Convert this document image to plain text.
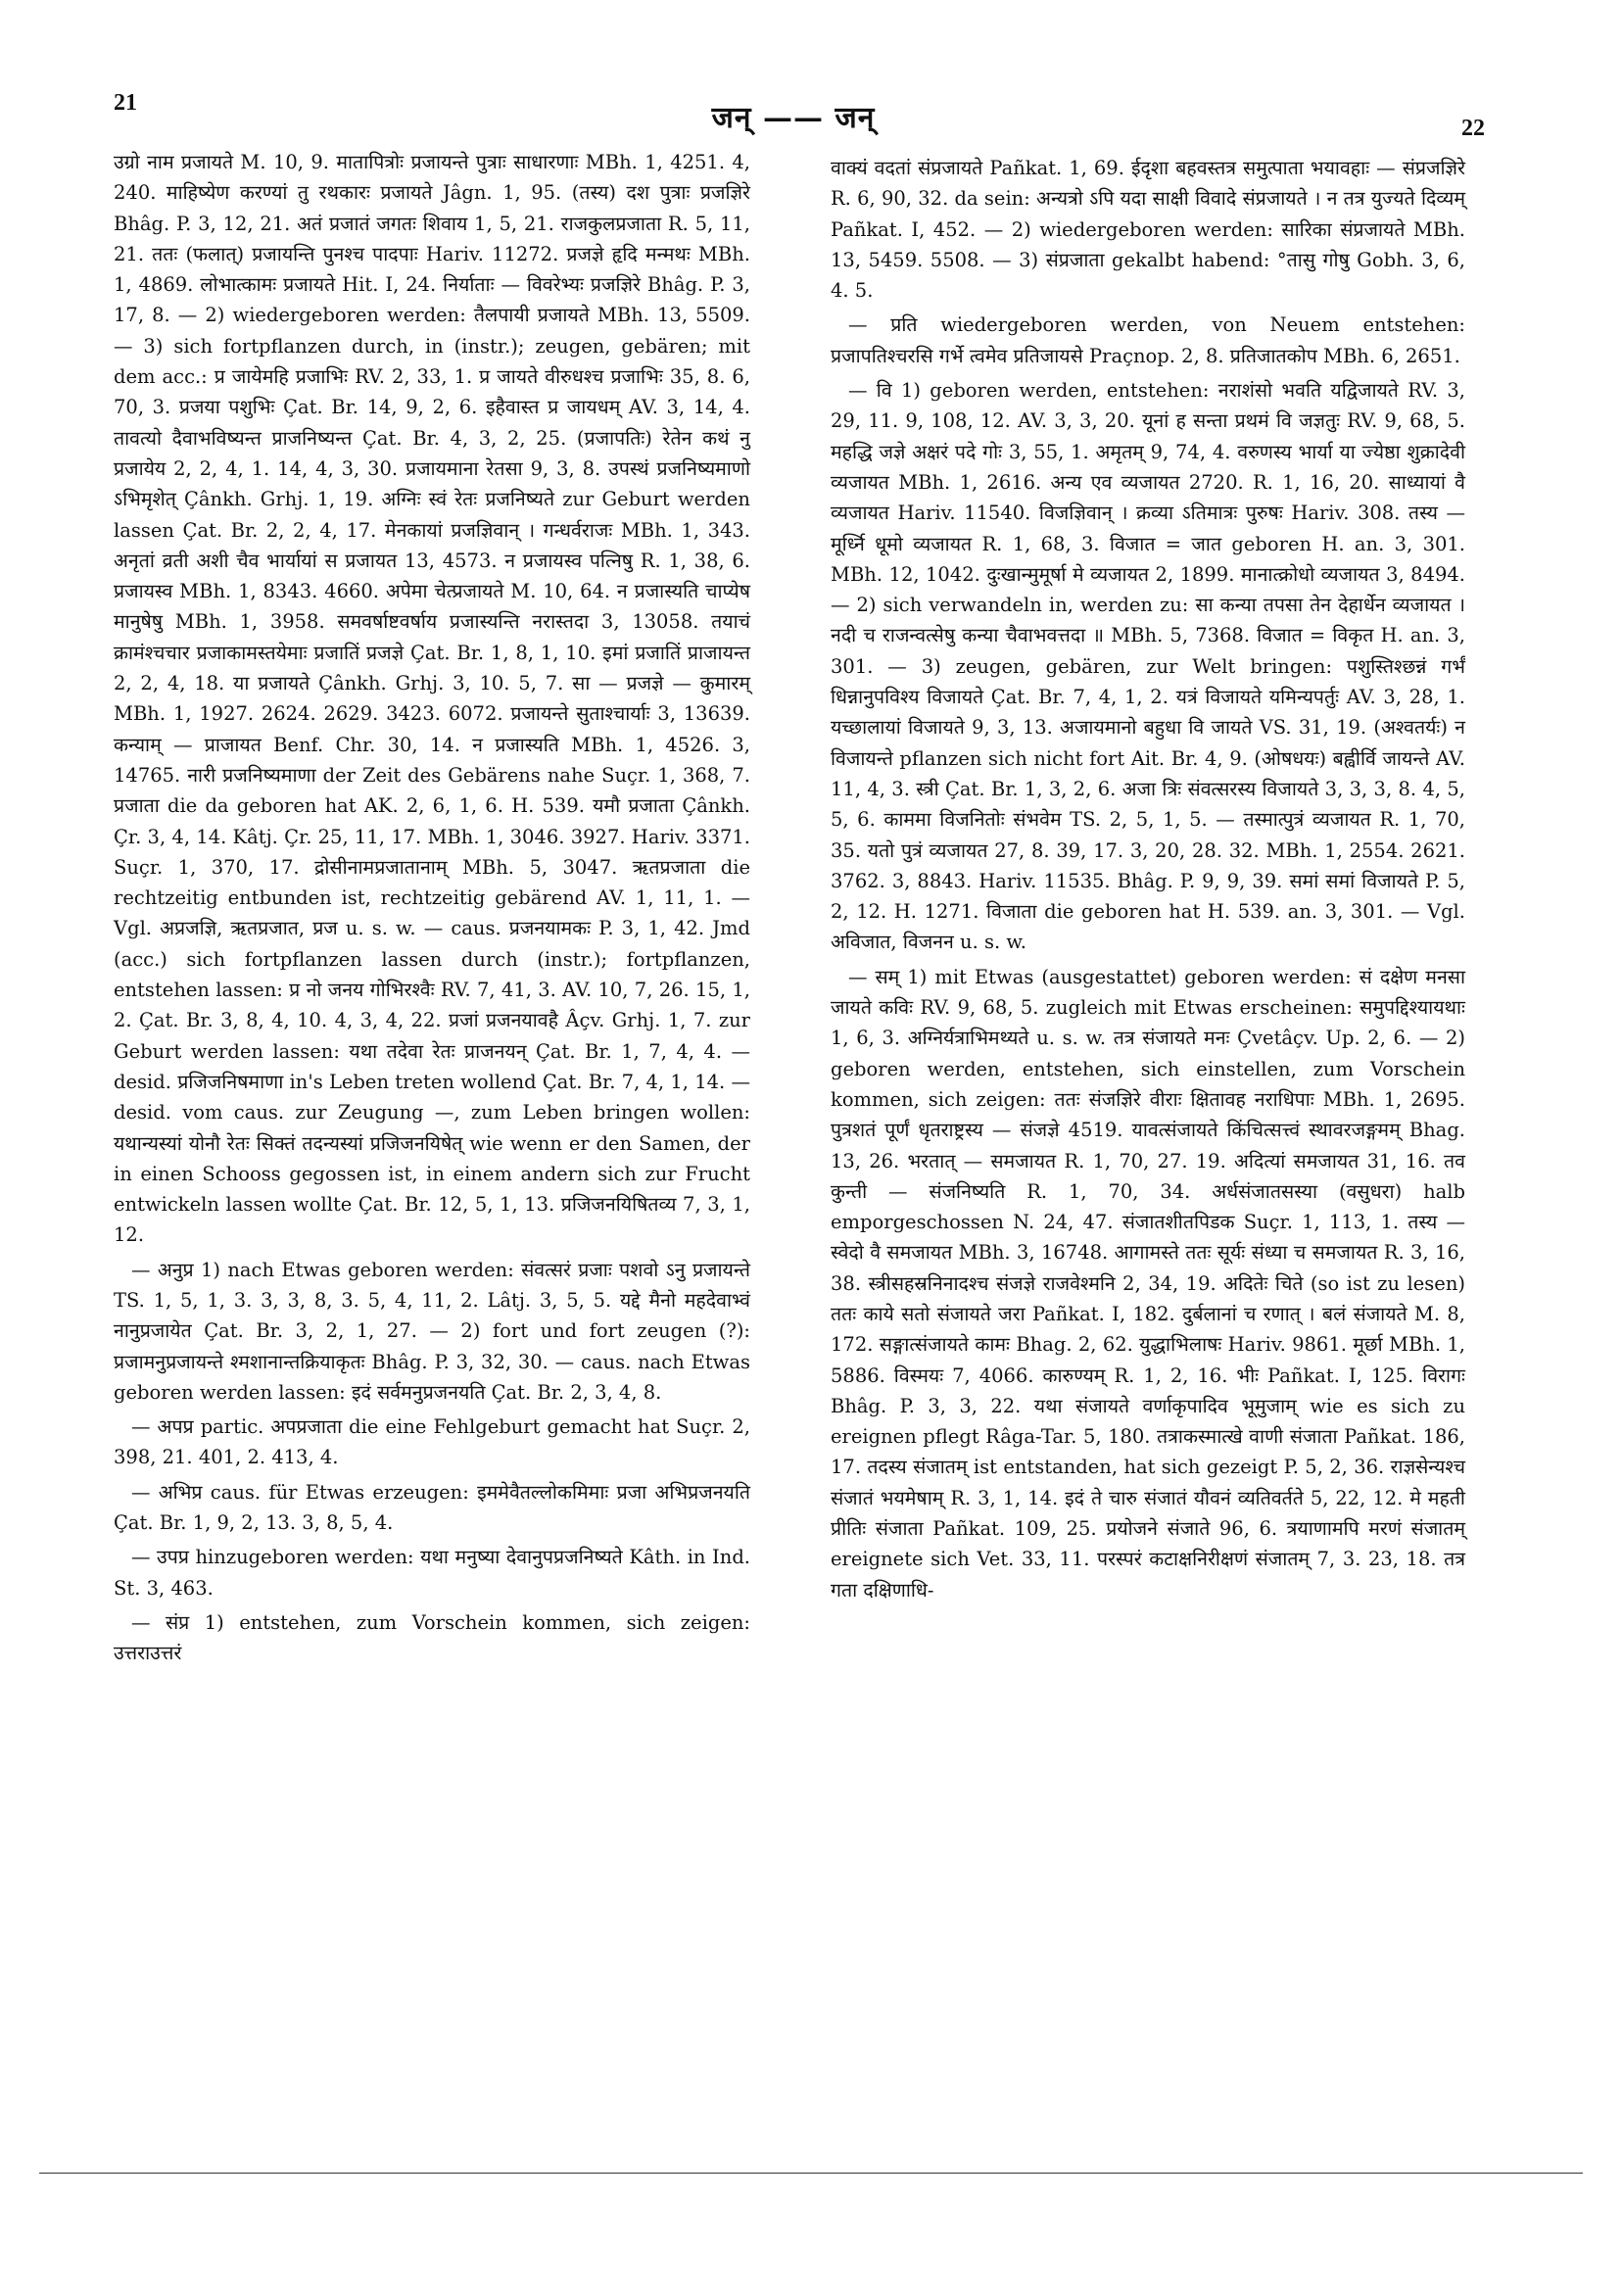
21	जन् —— जन्	22

उग्रो नाम प्रजायते M. 10, 9. मातापित्रोः प्रजायन्ते पुत्राः साधारणाः MBh. 1, 4251. 4, 240. माहिष्येण करण्यां तु रथकारः प्रजायते Jâgn. 1, 95. (तस्य) दश पुत्राः प्रजज्ञिरे Bhâg. P. 3, 12, 21. अतं प्रजातं जगतः शिवाय 1, 5, 21. राजकुलप्रजाता R. 5, 11, 21. ततः (फलात्) प्रजायन्ति पुनश्च पादपाः Hariv. 11272. प्रजज्ञे हृदि मन्मथः MBh. 1, 4869. लोभात्कामः प्रजायते Hit. I, 24. निर्याताः — विवरेभ्यः प्रजज्ञिरे Bhâg. P. 3, 17, 8. — 2) wiedergeboren werden: तैलपायी प्रजायते MBh. 13, 5509. — 3) sich fortpflanzen durch, in (instr.); zeugen, gebären; mit dem acc.: प्र जायेमहि प्रजाभिः RV. 2, 33, 1. प्र जायते वीरुधश्च प्रजाभिः 35, 8. 6, 70, 3. प्रजया पशुभिः Çat. Br. 14, 9, 2, 6. इहैवास्त प्र जायधम् AV. 3, 14, 4. तावत्यो दैवाभविष्यन्त प्राजनिष्यन्त Çat. Br. 4, 3, 2, 25. (प्रजापतिः) रेतेन कथं नु प्रजायेय 2, 2, 4, 1. 14, 4, 3, 30. प्रजायमाना रेतसा 9, 3, 8. उपस्थं प्रजनिष्यमाणो ऽभिमृशेत् Çânkh. Grhj. 1, 19. अग्निः स्वं रेतः प्रजनिष्यते zur Geburt werden lassen Çat. Br. 2, 2, 4, 17. मेनकायां प्रजज्ञिवान् । गन्धर्वराजः MBh. 1, 343. अनृतां व्रती अशी चैव भार्यायां स प्रजायत 13, 4573. न प्रजायस्व पत्निषु R. 1, 38, 6. प्रजायस्व MBh. 1, 8343. 4660. अपेमा चेत्प्रजायते M. 10, 64. न प्रजास्यति चाप्येष मानुषेषु MBh. 1, 3958. समवर्षाष्टवर्षाय प्रजास्यन्ति नरास्तदा 3, 13058. तयाचं क्रामंश्चचार प्रजाकामस्तयेमाः प्रजातिं प्रजज्ञे Çat. Br. 1, 8, 1, 10. इमां प्रजातिं प्राजायन्त 2, 2, 4, 18. या प्रजायते Çânkh. Grhj. 3, 10. 5, 7. सा — प्रजज्ञे — कुमारम् MBh. 1, 1927. 2624. 2629. 3423. 6072. प्रजायन्ते सुताश्चार्याः 3, 13639. कन्याम् — प्राजायत Benf. Chr. 30, 14. न प्रजास्यति MBh. 1, 4526. 3, 14765. नारी प्रजनिष्यमाणा der Zeit des Gebärens nahe Suçr. 1, 368, 7. प्रजाता die da geboren hat AK. 2, 6, 1, 6. H. 539. यमौ प्रजाता Çânkh. Çr. 3, 4, 14. Kâtj. Çr. 25, 11, 17. MBh. 1, 3046. 3927. Hariv. 3371. Suçr. 1, 370, 17. द्रोसीनामप्रजातानाम् MBh. 5, 3047. ऋतप्रजाता die rechtzeitig entbunden ist, rechtzeitig gebärend AV. 1, 11, 1. — Vgl. अप्रजज्ञि, ऋतप्रजात, प्रज u. s. w. — caus. प्रजनयामकः P. 3, 1, 42. Jmd (acc.) sich fortpflanzen lassen durch (instr.); fortpflanzen, entstehen lassen: प्र नो जनय गोभिरश्वैः RV. 7, 41, 3. AV. 10, 7, 26. 15, 1, 2. Çat. Br. 3, 8, 4, 10. 4, 3, 4, 22. प्रजां प्रजनयावहै Âçv. Grhj. 1, 7. zur Geburt werden lassen: यथा तदेवा रेतः प्राजनयन् Çat. Br. 1, 7, 4, 4. — desid. प्रजिजनिषमाणा in's Leben treten wollend Çat. Br. 7, 4, 1, 14. — desid. vom caus. zur Zeugung —, zum Leben bringen wollen: यथान्यस्यां योनौ रेतः सिक्तं तदन्यस्यां प्रजिजनयिषेत् wie wenn er den Samen, der in einen Schooss gegossen ist, in einem andern sich zur Frucht entwickeln lassen wollte Çat. Br. 12, 5, 1, 13. प्रजिजनयिषितव्य 7, 3, 1, 12.

— अनुप्र 1) nach Etwas geboren werden: संवत्सरं प्रजाः पशवो ऽनु प्रजायन्ते TS. 1, 5, 1, 3. 3, 3, 8, 3. 5, 4, 11, 2. Lâtj. 3, 5, 5. यद्दे मैनो महदेवाभ्वं नानुप्रजायेत Çat. Br. 3, 2, 1, 27. — 2) fort und fort zeugen (?): प्रजामनुप्रजायन्ते श्मशानान्तक्रियाकृतः Bhâg. P. 3, 32, 30. — caus. nach Etwas geboren werden lassen: इदं सर्वमनुप्रजनयति Çat. Br. 2, 3, 4, 8.

— अपप्र partic. अपप्रजाता die eine Fehlgeburt gemacht hat Suçr. 2, 398, 21. 401, 2. 413, 4.

— अभिप्र caus. für Etwas erzeugen: इममेवैतल्लोकमिमाः प्रजा अभिप्रजनयति Çat. Br. 1, 9, 2, 13. 3, 8, 5, 4.

— उपप्र hinzugeboren werden: यथा मनुष्या देवानुपप्रजनिष्यते Kâth. in Ind. St. 3, 463.

— संप्र 1) entstehen, zum Vorschein kommen, sich zeigen: उत्तराउत्तरं

वाक्यं वदतां संप्रजायते Pañkat. 1, 69. ईदृशा बहवस्तत्र समुत्पाता भयावहाः — संप्रजज्ञिरे R. 6, 90, 32. da sein: अन्यत्रो ऽपि यदा साक्षी विवादे संप्रजायते । न तत्र युज्यते दिव्यम् Pañkat. I, 452. — 2) wiedergeboren werden: सारिका संप्रजायते MBh. 13, 5459. 5508. — 3) संप्रजाता gekalbt habend: °तासु गोषु Gobh. 3, 6, 4. 5.

— प्रति wiedergeboren werden, von Neuem entstehen: प्रजापतिश्चरसि गर्भे त्वमेव प्रतिजायसे Praçnop. 2, 8. प्रतिजातकोप MBh. 6, 2651.

— वि 1) geboren werden, entstehen: नराशंसो भवति यद्विजायते RV. 3, 29, 11. 9, 108, 12. AV. 3, 3, 20. यूनां ह सन्ता प्रथमं वि जज्ञतुः RV. 9, 68, 5. महद्धि जज्ञे अक्षरं पदे गोः 3, 55, 1. अमृतम् 9, 74, 4. वरुणस्य भार्या या ज्येष्ठा शुक्रादेवी व्यजायत MBh. 1, 2616. अन्य एव व्यजायत 2720. R. 1, 16, 20. साध्यायां वै व्यजायत Hariv. 11540. विजज्ञिवान् । क्रव्या ऽतिमात्रः पुरुषः Hariv. 308. तस्य — मूर्ध्नि धूमो व्यजायत R. 1, 68, 3. विजात = जात geboren H. an. 3, 301. MBh. 12, 1042. दुःखान्मुमूर्षा मे व्यजायत 2, 1899. मानात्क्रोधो व्यजायत 3, 8494. — 2) sich verwandeln in, werden zu: सा कन्या तपसा तेन देहार्धेन व्यजायत । नदी च राजन्वत्सेषु कन्या चैवाभवत्तदा ॥ MBh. 5, 7368. विजात = विकृत H. an. 3, 301. — 3) zeugen, gebären, zur Welt bringen: पशुस्तिश्छन्नं गर्भं धिन्नानुपविश्य विजायते Çat. Br. 7, 4, 1, 2. यत्रं विजायते यमिन्यपर्तुः AV. 3, 28, 1. यच्छालायां विजायते 9, 3, 13. अजायमानो बहुधा वि जायते VS. 31, 19. (अश्वतर्यः) न विजायन्ते pflanzen sich nicht fort Ait. Br. 4, 9. (ओषधयः) बह्वीर्वि जायन्ते AV. 11, 4, 3. स्त्री Çat. Br. 1, 3, 2, 6. अजा त्रिः संवत्सरस्य विजायते 3, 3, 3, 8. 4, 5, 5, 6. काममा विजनितोः संभवेम TS. 2, 5, 1, 5. — तस्मात्पुत्रं व्यजायत R. 1, 70, 35. यतो पुत्रं व्यजायत 27, 8. 39, 17. 3, 20, 28. 32. MBh. 1, 2554. 2621. 3762. 3, 8843. Hariv. 11535. Bhâg. P. 9, 9, 39. समां समां विजायते P. 5, 2, 12. H. 1271. विजाता die geboren hat H. 539. an. 3, 301. — Vgl. अविजात, विजनन u. s. w.

— सम् 1) mit Etwas (ausgestattet) geboren werden: सं दक्षेण मनसा जायते कविः RV. 9, 68, 5. zugleich mit Etwas erscheinen: समुपद्दिश्यायथाः 1, 6, 3. अग्निर्यत्राभिमथ्यते u. s. w. तत्र संजायते मनः Çvetâçv. Up. 2, 6. — 2) geboren werden, entstehen, sich einstellen, zum Vorschein kommen, sich zeigen: ततः संजज्ञिरे वीराः क्षितावह नराधिपाः MBh. 1, 2695. पुत्रशतं पूर्णं धृतराष्ट्रस्य — संजज्ञे 4519. यावत्संजायते किंचित्सत्त्वं स्थावरजङ्गमम् Bhag. 13, 26. भरतात् — समजायत R. 1, 70, 27. 19. अदित्यां समजायत 31, 16. तव कुन्ती — संजनिष्यति R. 1, 70, 34. अर्धसंजातसस्या (वसुधरा) halb emporgeschossen N. 24, 47. संजातशीतपिडक Suçr. 1, 113, 1. तस्य — स्वेदो वै समजायत MBh. 3, 16748. आगामस्ते ततः सूर्यः संध्या च समजायत R. 3, 16, 38. स्त्रीसहस्रनिनादश्च संजज्ञे राजवेश्मनि 2, 34, 19. अदितेः चिते (so ist zu lesen) ततः काये सतो संजायते जरा Pañkat. I, 182. दुर्बलानां च रणात् । बलं संजायते M. 8, 172. सङ्गात्संजायते कामः Bhag. 2, 62. युद्धाभिलाषः Hariv. 9861. मूर्छा MBh. 1, 5886. विस्मयः 7, 4066. कारुण्यम् R. 1, 2, 16. भीः Pañkat. I, 125. विरागः Bhâg. P. 3, 3, 22. यथा संजायते वर्णाकृपादिव भूमुजाम् wie es sich zu ereignen pflegt Râga-Tar. 5, 180. तत्राकस्मात्खे वाणी संजाता Pañkat. 186, 17. तदस्य संजातम् ist entstanden, hat sich gezeigt P. 5, 2, 36. राज्ञसेन्यश्च संजातं भयमेषाम् R. 3, 1, 14. इदं ते चारु संजातं यौवनं व्यतिवर्तते 5, 22, 12. मे महती प्रीतिः संजाता Pañkat. 109, 25. प्रयोजने संजाते 96, 6. त्रयाणामपि मरणं संजातम् ereignete sich Vet. 33, 11. परस्परं कटाक्षनिरीक्षणं संजातम् 7, 3. 23, 18. तत्र गता दक्षिणाधि-
